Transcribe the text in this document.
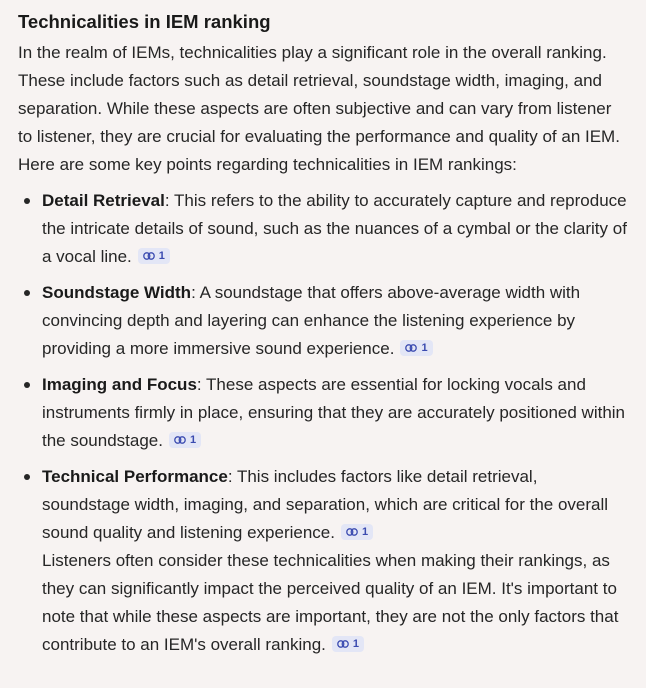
Technicalities in IEM ranking

In the realm of IEMs, technicalities play a significant role in the overall ranking. These include factors such as detail retrieval, soundstage width, imaging, and separation. While these aspects are often subjective and can vary from listener to listener, they are crucial for evaluating the performance and quality of an IEM. Here are some key points regarding technicalities in IEM rankings:

Detail Retrieval: This refers to the ability to accurately capture and reproduce the intricate details of sound, such as the nuances of a cymbal or the clarity of a vocal line. 1
Soundstage Width: A soundstage that offers above-average width with convincing depth and layering can enhance the listening experience by providing a more immersive sound experience. 1
Imaging and Focus: These aspects are essential for locking vocals and instruments firmly in place, ensuring that they are accurately positioned within the soundstage. 1
Technical Performance: This includes factors like detail retrieval, soundstage width, imaging, and separation, which are critical for the overall sound quality and listening experience. 1
Listeners often consider these technicalities when making their rankings, as they can significantly impact the perceived quality of an IEM. It's important to note that while these aspects are important, they are not the only factors that contribute to an IEM's overall ranking. 1
